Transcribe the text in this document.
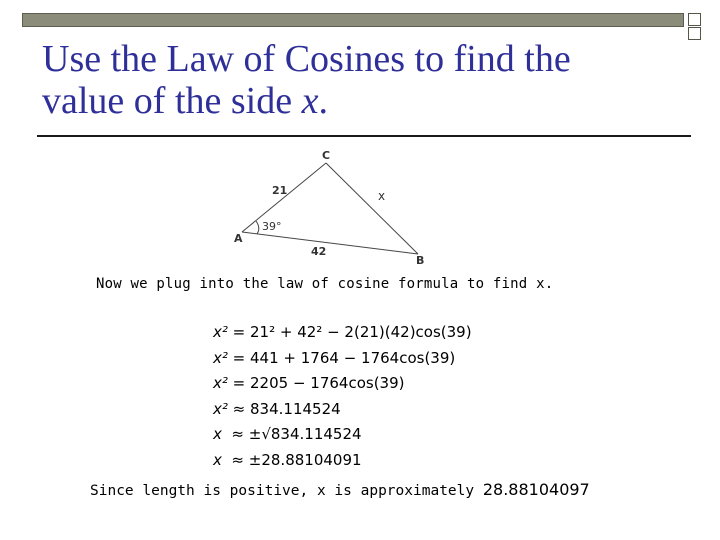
Use the Law of Cosines to find the
value of the side x.
C
A
B
21
42
x
39°
Now we plug into the law of cosine formula to find x.
x² = 21² + 42² − 2(21)(42)cos(39)
x² = 441 + 1764 − 1764cos(39)
x² = 2205 − 1764cos(39)
x² ≈ 834.114524
x  ≈ ±√834.114524
x  ≈ ±28.88104091
Since length is positive, x is approximately 28.88104097
